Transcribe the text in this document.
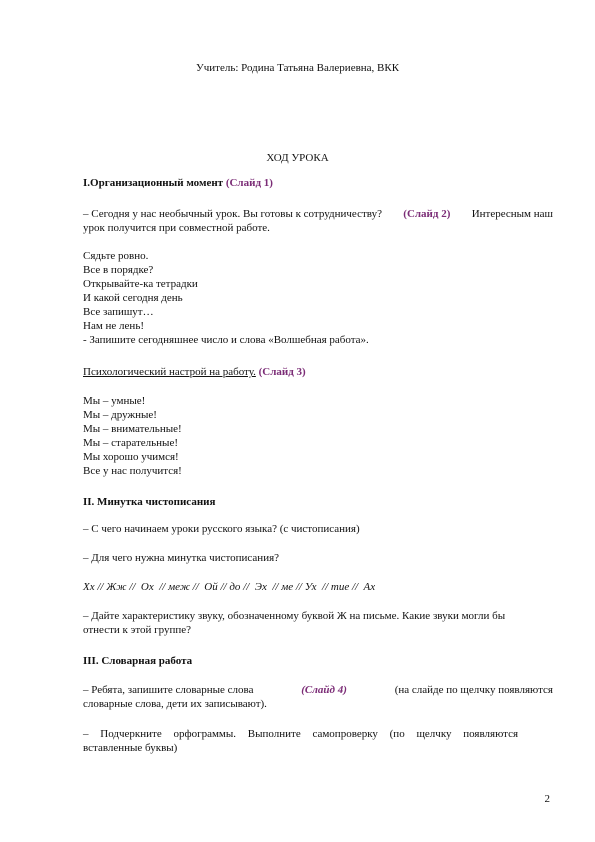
Учитель: Родина Татьяна Валериевна, ВКК
ХОД УРОКА
I.Организационный момент (Слайд 1)
– Сегодня у нас необычный урок. Вы готовы к сотрудничеству? (Слайд 2) Интересным наш
урок получится при совместной работе.
Сядьте ровно.
Все в порядке?
Открывайте-ка тетрадки
И какой сегодня день
Все запишут…
Нам не лень!
- Запишите сегодняшнее число и слова «Волшебная работа».
Психологический настрой на работу. (Слайд 3)
Мы – умные!
Мы – дружные!
Мы – внимательные!
Мы – старательные!
Мы хорошо учимся!
Все у нас получится!
II. Минутка чистописания
– С чего начинаем уроки русского языка? (с чистописания)
– Для чего нужна минутка чистописания?
Хх // Жж //  Ох  // меж //  Ой // до //  Эх  // ме // Ух  // тие //  Ах
– Дайте характеристику звуку, обозначенному буквой Ж на письме. Какие звуки могли бы
отнести к этой группе?
III. Словарная работа
– Ребята, запишите словарные слова	(Слайд 4)	(на слайде по щелчку появляются
словарные слова, дети их записывают).
– Подчеркните орфограммы. Выполните самопроверку (по щелчку появляются
вставленные буквы)
2
